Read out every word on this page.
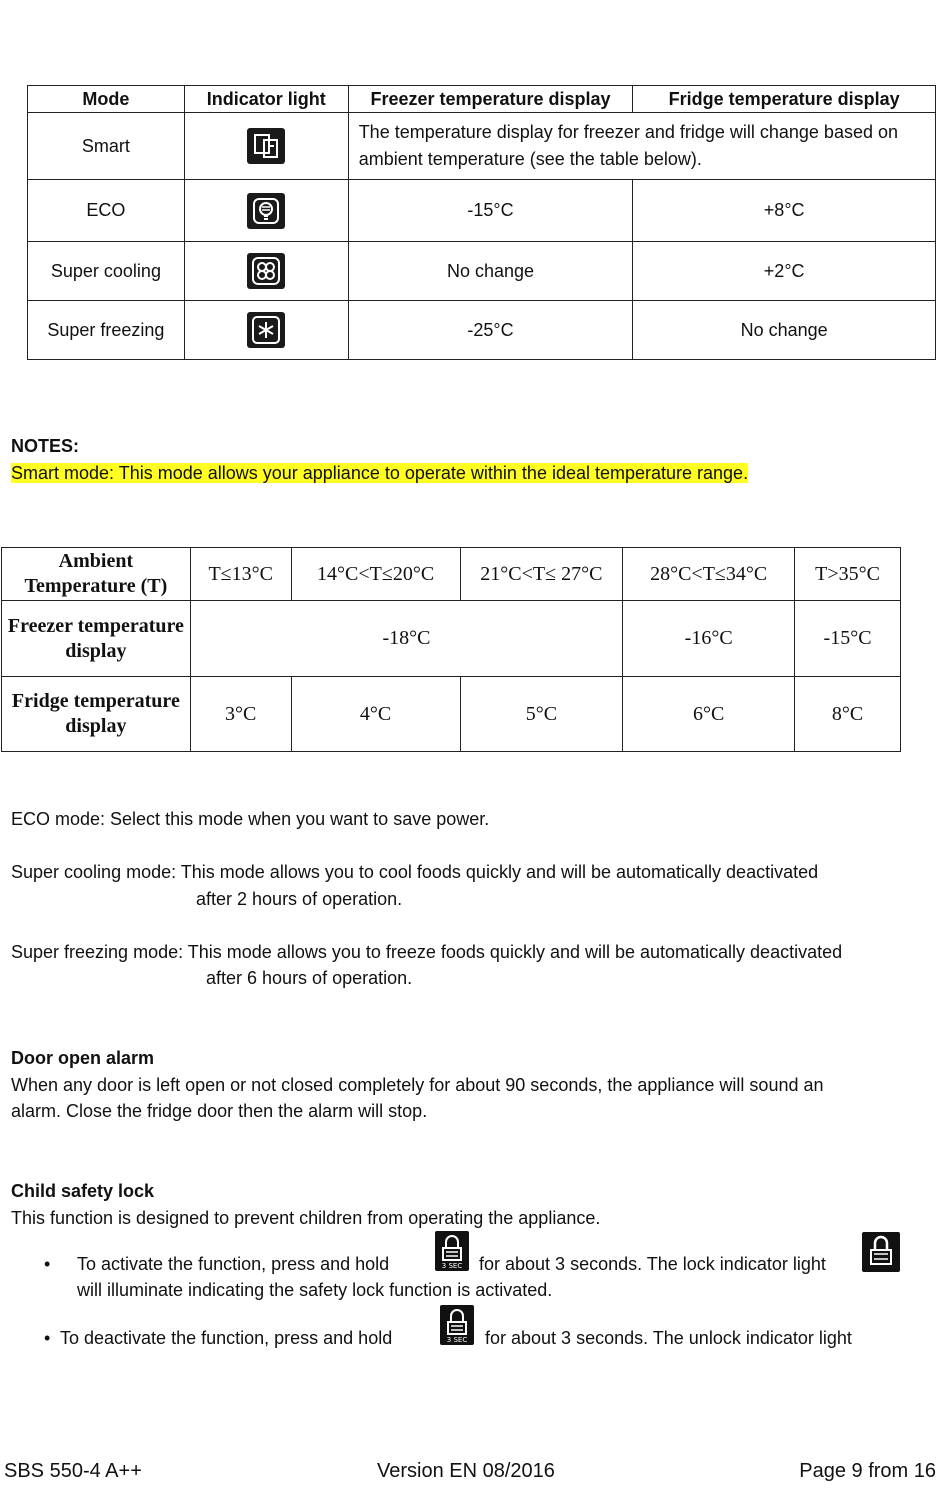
Mode	Indicator light	Freezer temperature display	Fridge temperature display
Smart		The temperature display for freezer and fridge will change based on ambient temperature (see the table below).	
ECO		-15°C	+8°C
Super cooling		No change	+2°C
Super freezing		-25°C	No change
NOTES:
Smart mode: This mode allows your appliance to operate within the ideal temperature range.
Ambient Temperature (T)	T≤13°C	14°C<T≤20°C	21°C<T≤ 27°C	28°C<T≤34°C	T>35°C
Freezer temperature display	-18°C			-16°C	-15°C
Fridge temperature display	3°C	4°C	5°C	6°C	8°C
ECO mode: Select this mode when you want to save power.
Super cooling mode: This mode allows you to cool foods quickly and will be automatically deactivated
after 2 hours of operation.
Super freezing mode: This mode allows you to freeze foods quickly and will be automatically deactivated
after 6 hours of operation.
Door open alarm
When any door is left open or not closed completely for about 90 seconds, the appliance will sound an
alarm. Close the fridge door then the alarm will stop.
Child safety lock
This function is designed to prevent children from operating the appliance.
• To activate the function, press and hold	3 SEC for about 3 seconds. The lock indicator light
will illuminate indicating the safety lock function is activated.
• To deactivate the function, press and hold	3 SEC for about 3 seconds. The unlock indicator light
SBS 550-4 A++	Version EN 08/2016	Page 9 from 16
